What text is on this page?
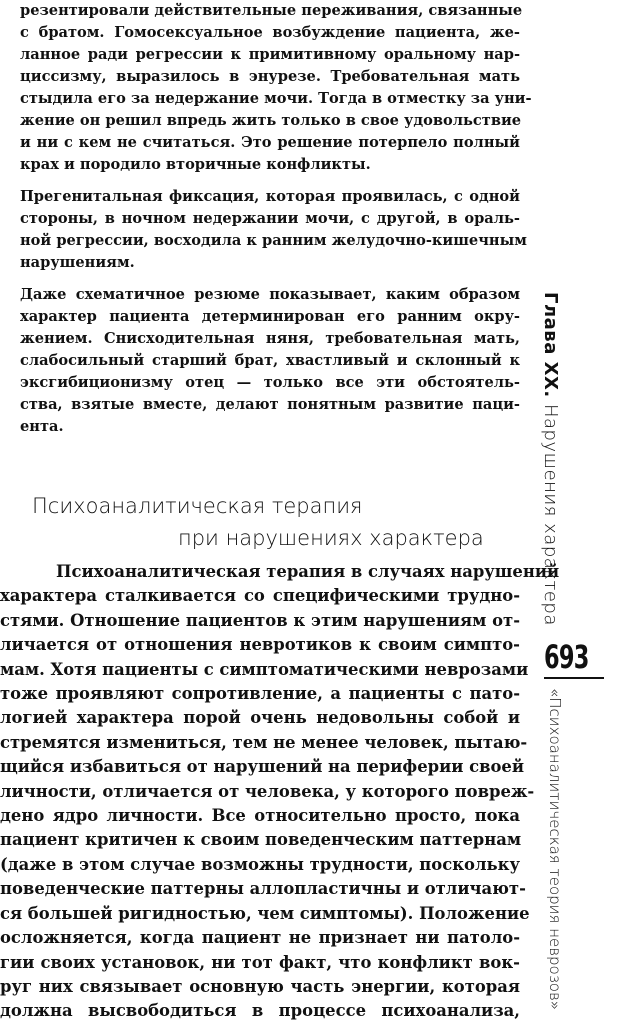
резентировали действительные переживания, связанные
с братом. Гомосексуальное возбуждение пациента, же-
ланное ради регрессии к примитивному оральному нар-
циссизму, выразилось в энурезе. Требовательная мать
стыдила его за недержание мочи. Тогда в отместку за уни-
жение он решил впредь жить только в свое удовольствие
и ни с кем не считаться. Это решение потерпело полный
крах и породило вторичные конфликты.

Прегенитальная фиксация, которая проявилась, с одной
стороны, в ночном недержании мочи, с другой, в ораль-
ной регрессии, восходила к ранним желудочно-кишечным
нарушениям.

Даже схематичное резюме показывает, каким образом
характер пациента детерминирован его ранним окру-
жением. Снисходительная няня, требовательная мать,
слабосильный старший брат, хвастливый и склонный к
эксгибиционизму отец — только все эти обстоятель-
ства, взятые вместе, делают понятным развитие паци-
ента.

Психоаналитическая терапия
при нарушениях характера
Психоаналитическая терапия в случаях нарушений
характера сталкивается со специфическими трудно-
стями. Отношение пациентов к этим нарушениям от-
личается от отношения невротиков к своим симпто-
мам. Хотя пациенты с симптоматическими неврозами
тоже проявляют сопротивление, а пациенты с пато-
логией характера порой очень недовольны собой и
стремятся измениться, тем не менее человек, пытаю-
щийся избавиться от нарушений на периферии своей
личности, отличается от человека, у которого повреж-
дено ядро личности. Все относительно просто, пока
пациент критичен к своим поведенческим паттернам
(даже в этом случае возможны трудности, поскольку
поведенческие паттерны аллопластичны и отличают-
ся большей ригидностью, чем симптомы). Положение
осложняется, когда пациент не признает ни патоло-
гии своих установок, ни тот факт, что конфликт вок-
руг них связывает основную часть энергии, которая
должна высвободиться в процессе психоанализа,
Глава XX. Нарушения характера
693
«Психоаналитическая теория неврозов»
